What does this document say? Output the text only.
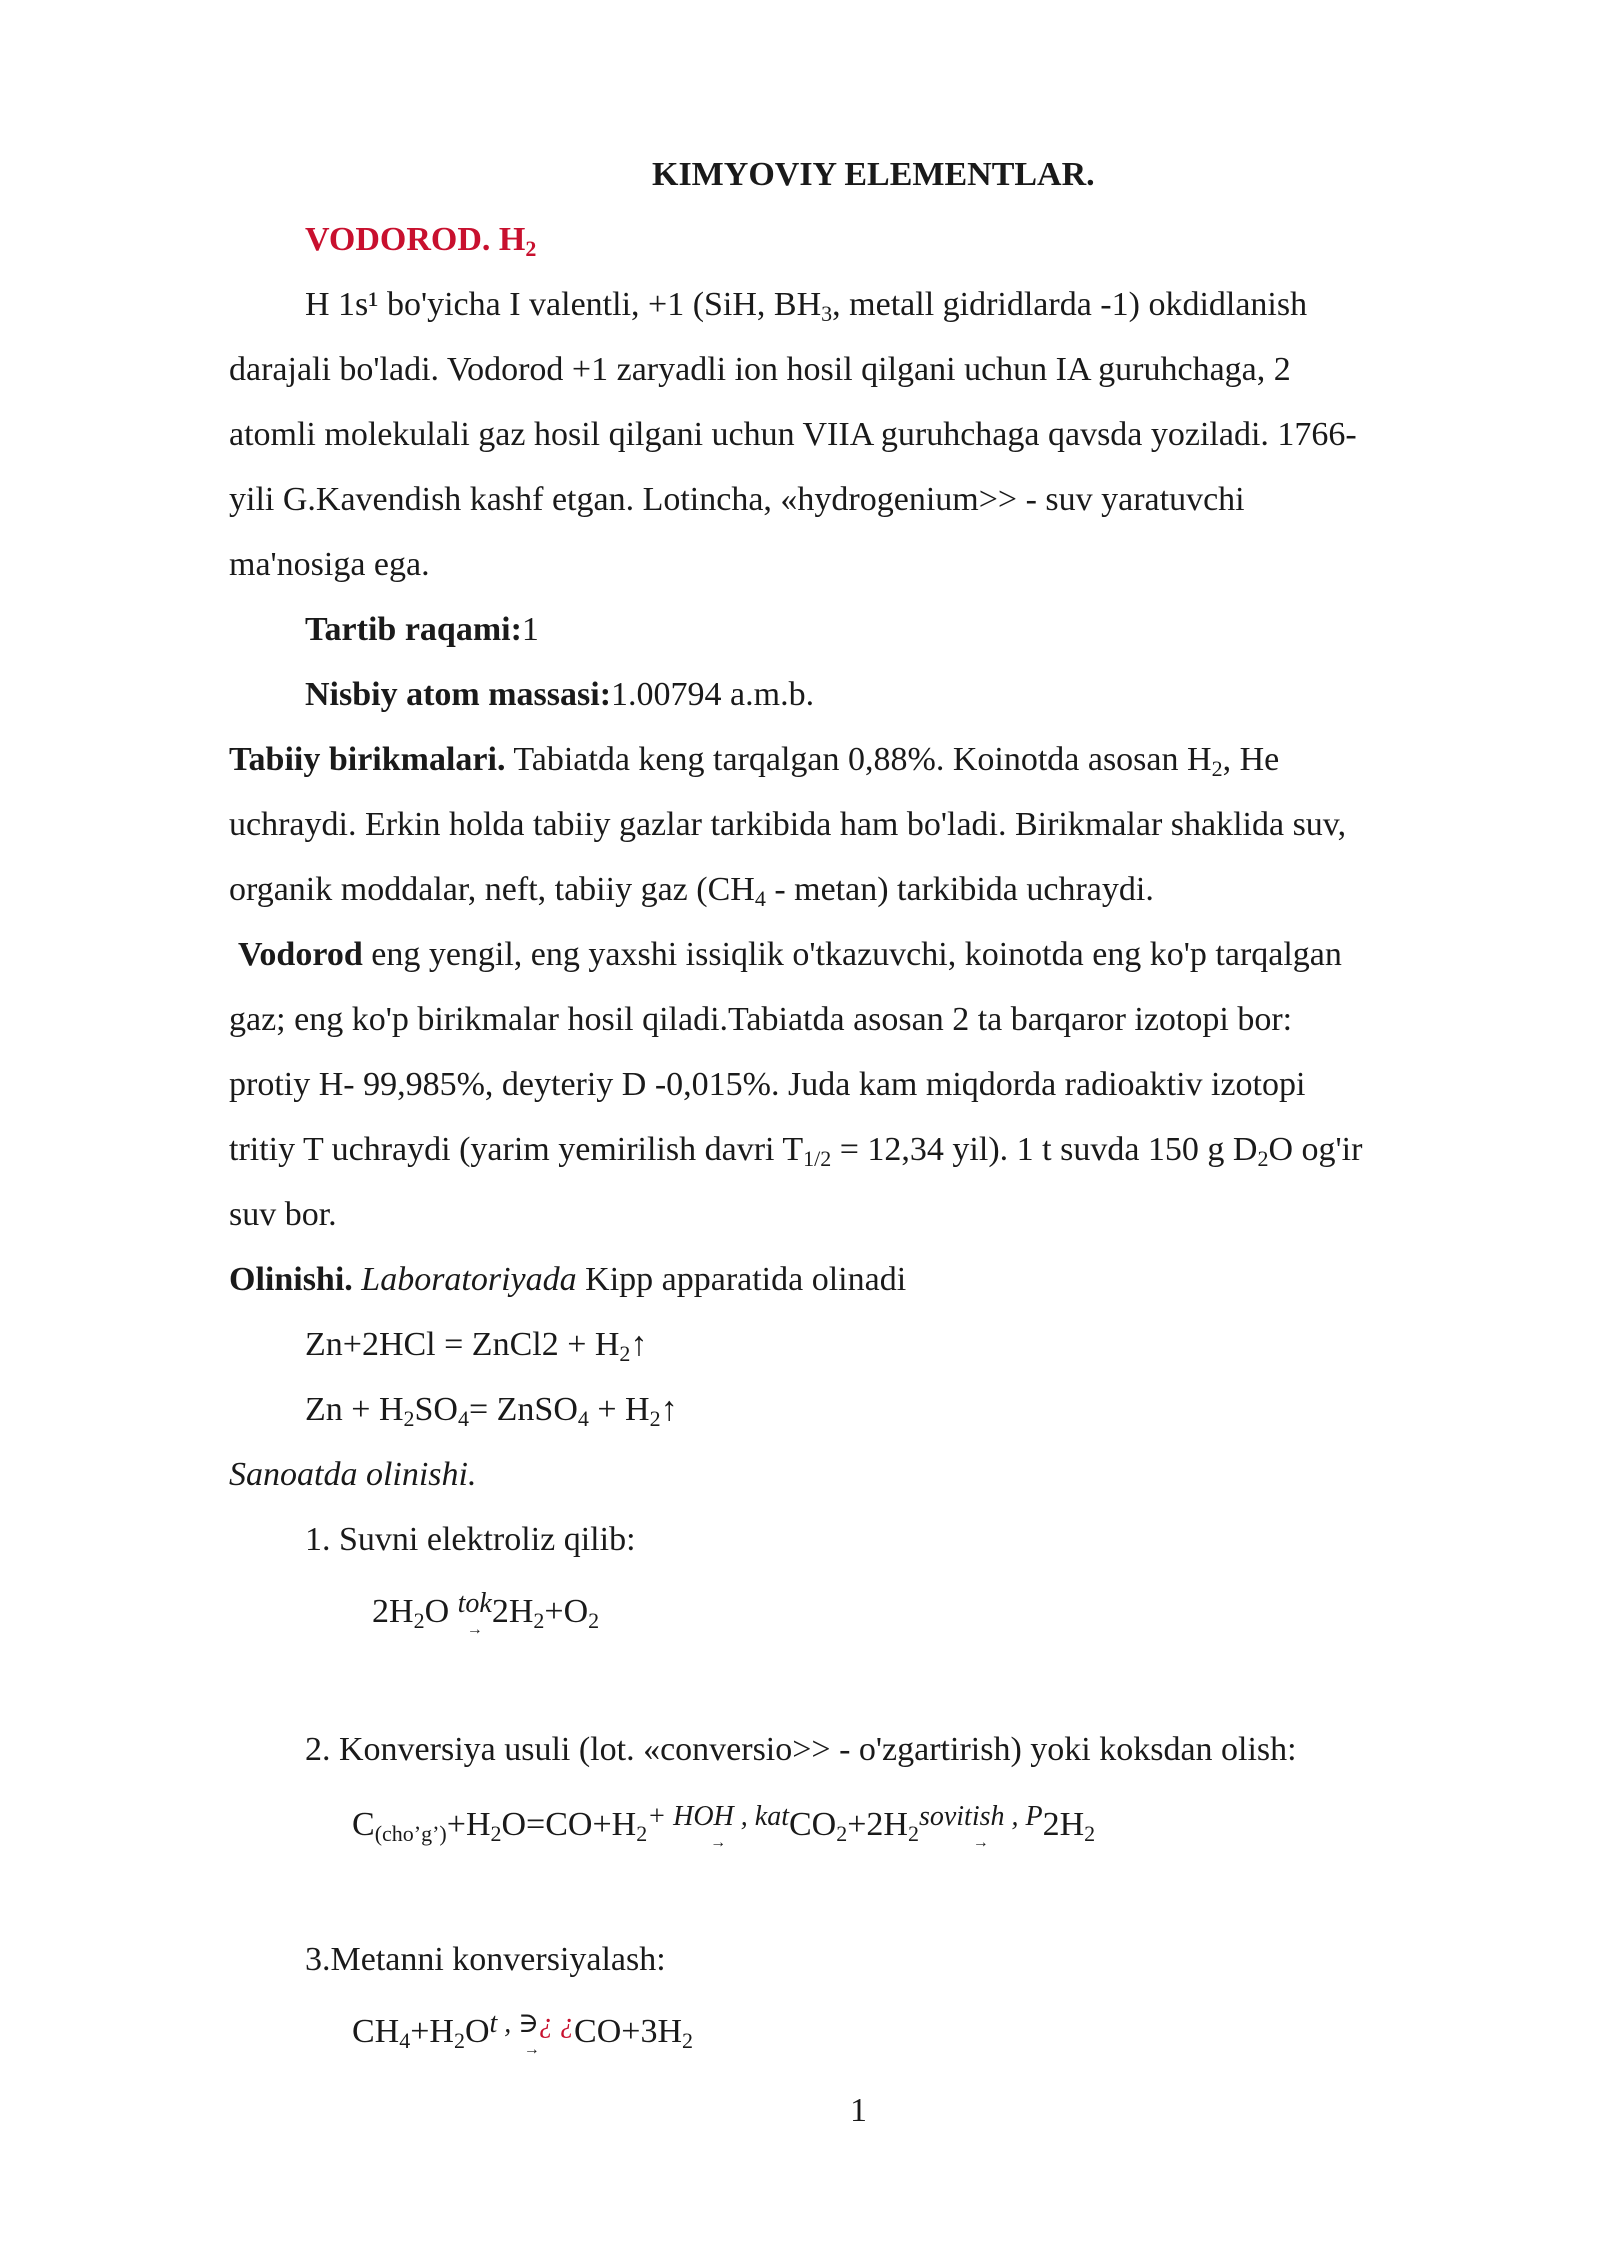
KIMYOVIY ELEMENTLAR.
VODOROD. $H_2$
H 1s¹ bo'yicha I valentli, +1 (SiH, $BH_3$, metall gidridlarda -1) okdidlanish
darajali bo'ladi. Vodorod +1 zaryadli ion hosil qilgani uchun IA guruhchaga, 2
atomli molekulali gaz hosil qilgani uchun VIIA guruhchaga qavsda yoziladi. 1766-
yili G.Kavendish kashf etgan. Lotincha, «hydrogenium>> - suv yaratuvchi
ma'nosiga ega.
Tartib raqami:1
Nisbiy atom massasi:1.00794 a.m.b.
Tabiiy birikmalari. Tabiatda keng tarqalgan 0,88%. Koinotda asosan $H_2$, He
uchraydi. Erkin holda tabiiy gazlar tarkibida ham bo'ladi. Birikmalar shaklida suv,
organik moddalar, neft, tabiiy gaz $(CH_4 - metan)$ tarkibida uchraydi.
Vodorod eng yengil, eng yaxshi issiqlik o'tkazuvchi, koinotda eng ko'p tarqalgan
gaz; eng ko'p birikmalar hosil qiladi.Tabiatda asosan 2 ta barqaror izotopi bor:
protiy H- 99,985%, deyteriy D -0,015%. Juda kam miqdorda radioaktiv izotopi
tritiy T uchraydi (yarim yemirilish davri $T_{1/2} = 12,34$ yil). 1 t suvda 150 g $D_2O$ og'ir
suv bor.
Olinishi. Laboratoriyada Kipp apparatida olinadi
Zn+2HCl = ZnCl2 + $H_2↑$
$Zn + H_2SO_4=$ ZnSO$_4$ + $H_2↑$
Sanoatda olinishi.
1. Suvni elektroliz qilib:
$2H_2O$ $^{tok}$
→ $2H_2+O_2$
2. Konversiya usuli (lot. «conversio>> - o'zgartirish) yoki koksdan olish:
$C_{(cho’g’)}+H_2O=CO+H_2^{+ HOH , kat}$
→ $CO_2+2H_2^{sovitish , P}$
→ $2H_2$
3.Metanni konversiyalash:
$CH_4+H_2O^{t , ∋¿ ¿}$
→ $CO+3H_2$
1
